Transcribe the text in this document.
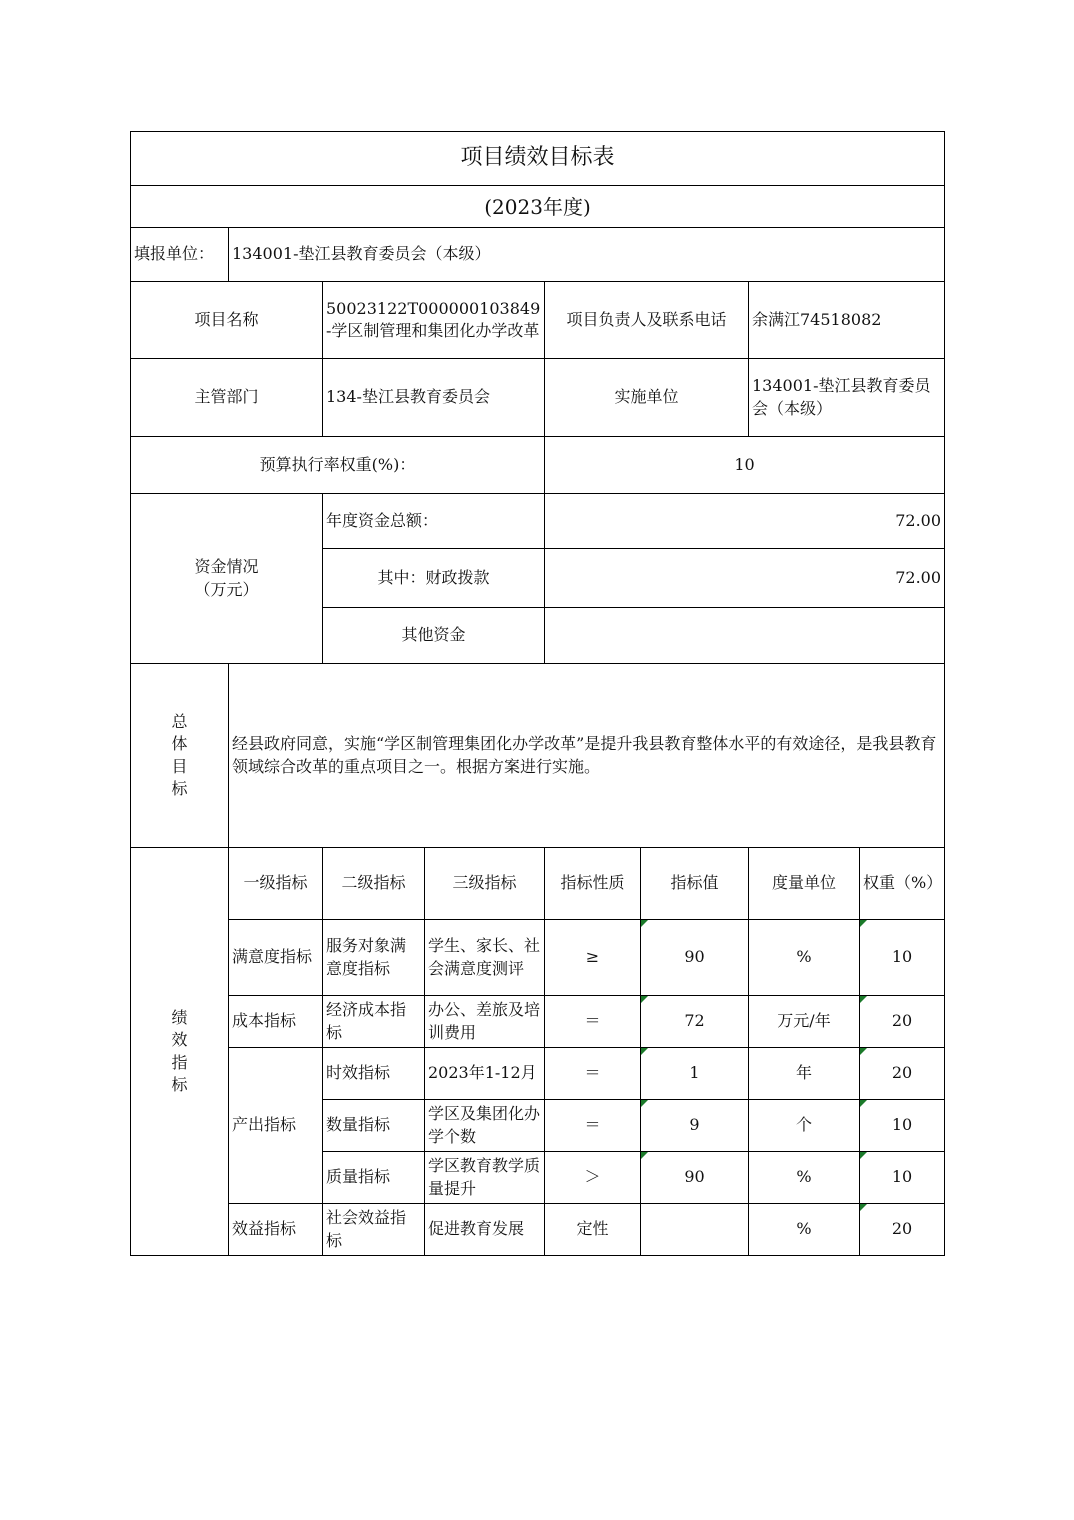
项目绩效目标表							
(2023年度)							
填报单位：	134001-垫江县教育委员会（本级）						
项目名称		50023122T000000103849-学区制管理和集团化办学改革		项目负责人及联系电话		余满江74518082	
主管部门		134-垫江县教育委员会		实施单位		134001-垫江县教育委员会（本级）	
预算执行率权重(%)：				10			
资金情况
（万元）		年度资金总额：		72.00			
		其中：财政拨款		72.00			
		其他资金					
总
体
目
标	经县政府同意，实施“学区制管理集团化办学改革”是提升我县教育整体水平的有效途径，是我县教育领域综合改革的重点项目之一。根据方案进行实施。						
绩
效
指
标	一级指标	二级指标	三级指标	指标性质	指标值	度量单位	权重（%）
	满意度指标	服务对象满意度指标	学生、家长、社会满意度测评	≥	90	%	10
	成本指标	经济成本指标	办公、差旅及培训费用	＝	72	万元/年	20
	产出指标	时效指标	2023年1-12月	＝	1	年	20
		数量指标	学区及集团化办学个数	＝	9	个	10
		质量指标	学区教育教学质量提升	＞	90	%	10
	效益指标	社会效益指标	促进教育发展	定性		%	20
